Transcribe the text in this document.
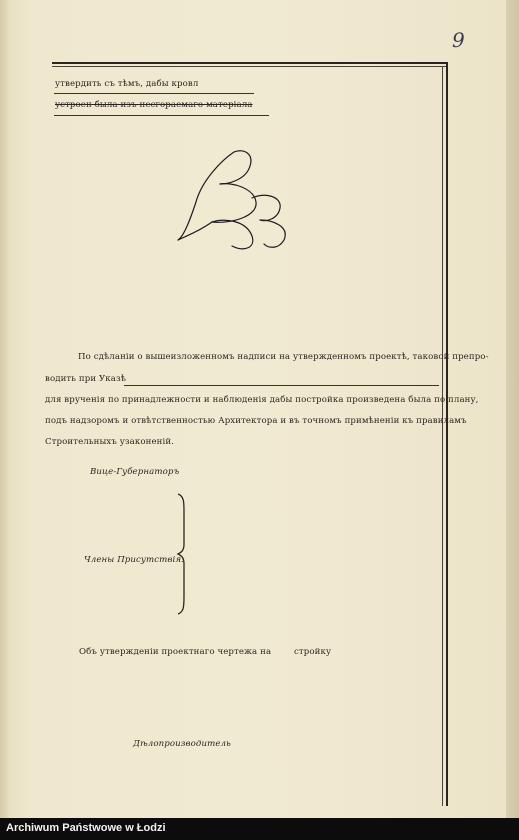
9
утвердить съ тѣмъ, дабы кровл
устроен была изъ несгораемаго матеріала
По сдѣланіи о вышеизложенномъ надписи на утвержденномъ проектѣ, таковой препро-
водить при Указѣ
для врученія по принадлежности и наблюденія дабы постройка произведена была по плану,
подъ надзоромъ и отвѣтственностью Архитектора и въ точномъ примѣненіи къ правиламъ
Строительныхъ узаконеній.
Вице-Губернаторъ
Члены Присутствія:
Объ утвержденіи проектнаго чертежа на	стройку
Дѣлопроизводитель
Archiwum Państwowe w Łodzi
